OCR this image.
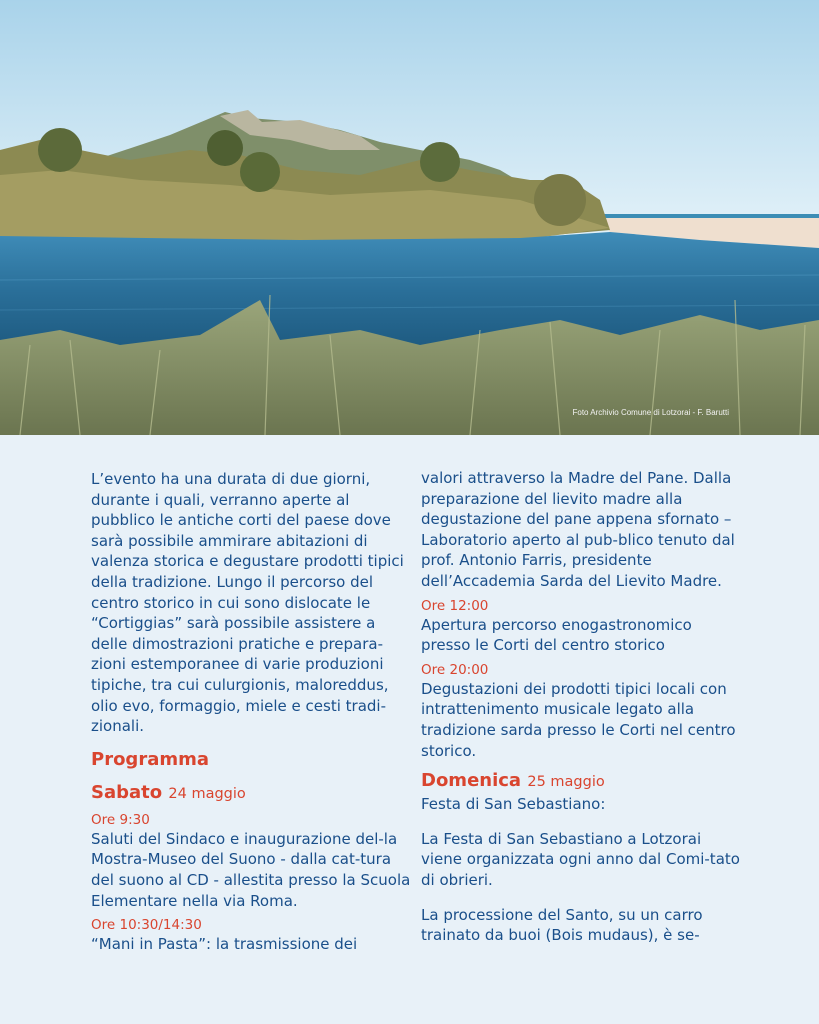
Foto Archivio Comune di Lotzorai - F. Barutti

L’evento ha una durata di due giorni, durante i quali, verranno aperte al pubblico le antiche corti del paese dove sarà possibile ammirare abitazioni di valenza storica e degustare prodotti tipici della tradizione. Lungo il percorso del centro storico in cui sono dislocate le “Cortiggias” sarà possibile assistere a delle dimostrazioni pratiche e prepara-zioni estemporanee di varie produzioni tipiche, tra cui culurgionis, maloreddus, olio evo, formaggio, miele e cesti tradi-zionali.

Programma
Sabato 24 maggio
Ore 9:30

Saluti del Sindaco e inaugurazione del-la Mostra-Museo del Suono - dalla cat-tura del suono al CD - allestita presso la Scuola Elementare nella via Roma.

Ore 10:30/14:30

“Mani in Pasta”: la trasmissione dei

valori attraverso la Madre del Pane. Dalla preparazione del lievito madre alla degustazione del pane appena sfornato – Laboratorio aperto al pub-blico tenuto dal prof. Antonio Farris, presidente dell’Accademia Sarda del Lievito Madre.

Ore 12:00

Apertura percorso enogastronomico presso le Corti del centro storico

Ore 20:00

Degustazioni dei prodotti tipici locali con intrattenimento musicale legato alla tradizione sarda presso le Corti nel centro storico.

Domenica 25 maggio

Festa di San Sebastiano:

La Festa di San Sebastiano a Lotzorai viene organizzata ogni anno dal Comi-tato di obrieri.

La processione del Santo, su un carro trainato da buoi (Bois mudaus), è se-
